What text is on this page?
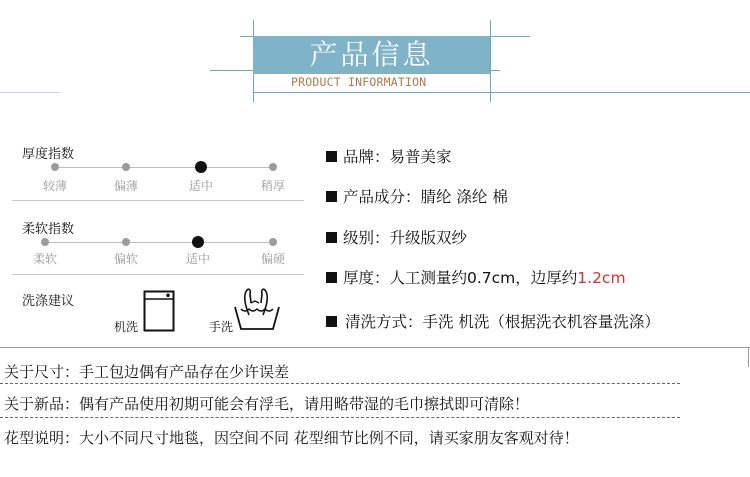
产品信息
PRODUCT INFORMATION
厚度指数
较薄	偏薄	适中	稍厚
柔软指数
柔软	偏软	适中	偏硬
洗涤建议
机洗	手洗
品牌：易普美家
产品成分：腈纶 涤纶 棉
级别：升级版双纱
厚度：人工测量约0.7cm，边厚约1.2cm
清洗方式：手洗 机洗（根据洗衣机容量洗涤）
关于尺寸：手工包边偶有产品存在少许误差
关于新品：偶有产品使用初期可能会有浮毛，请用略带湿的毛巾擦拭即可清除！
花型说明：大小不同尺寸地毯，因空间不同 花型细节比例不同，请买家朋友客观对待！
